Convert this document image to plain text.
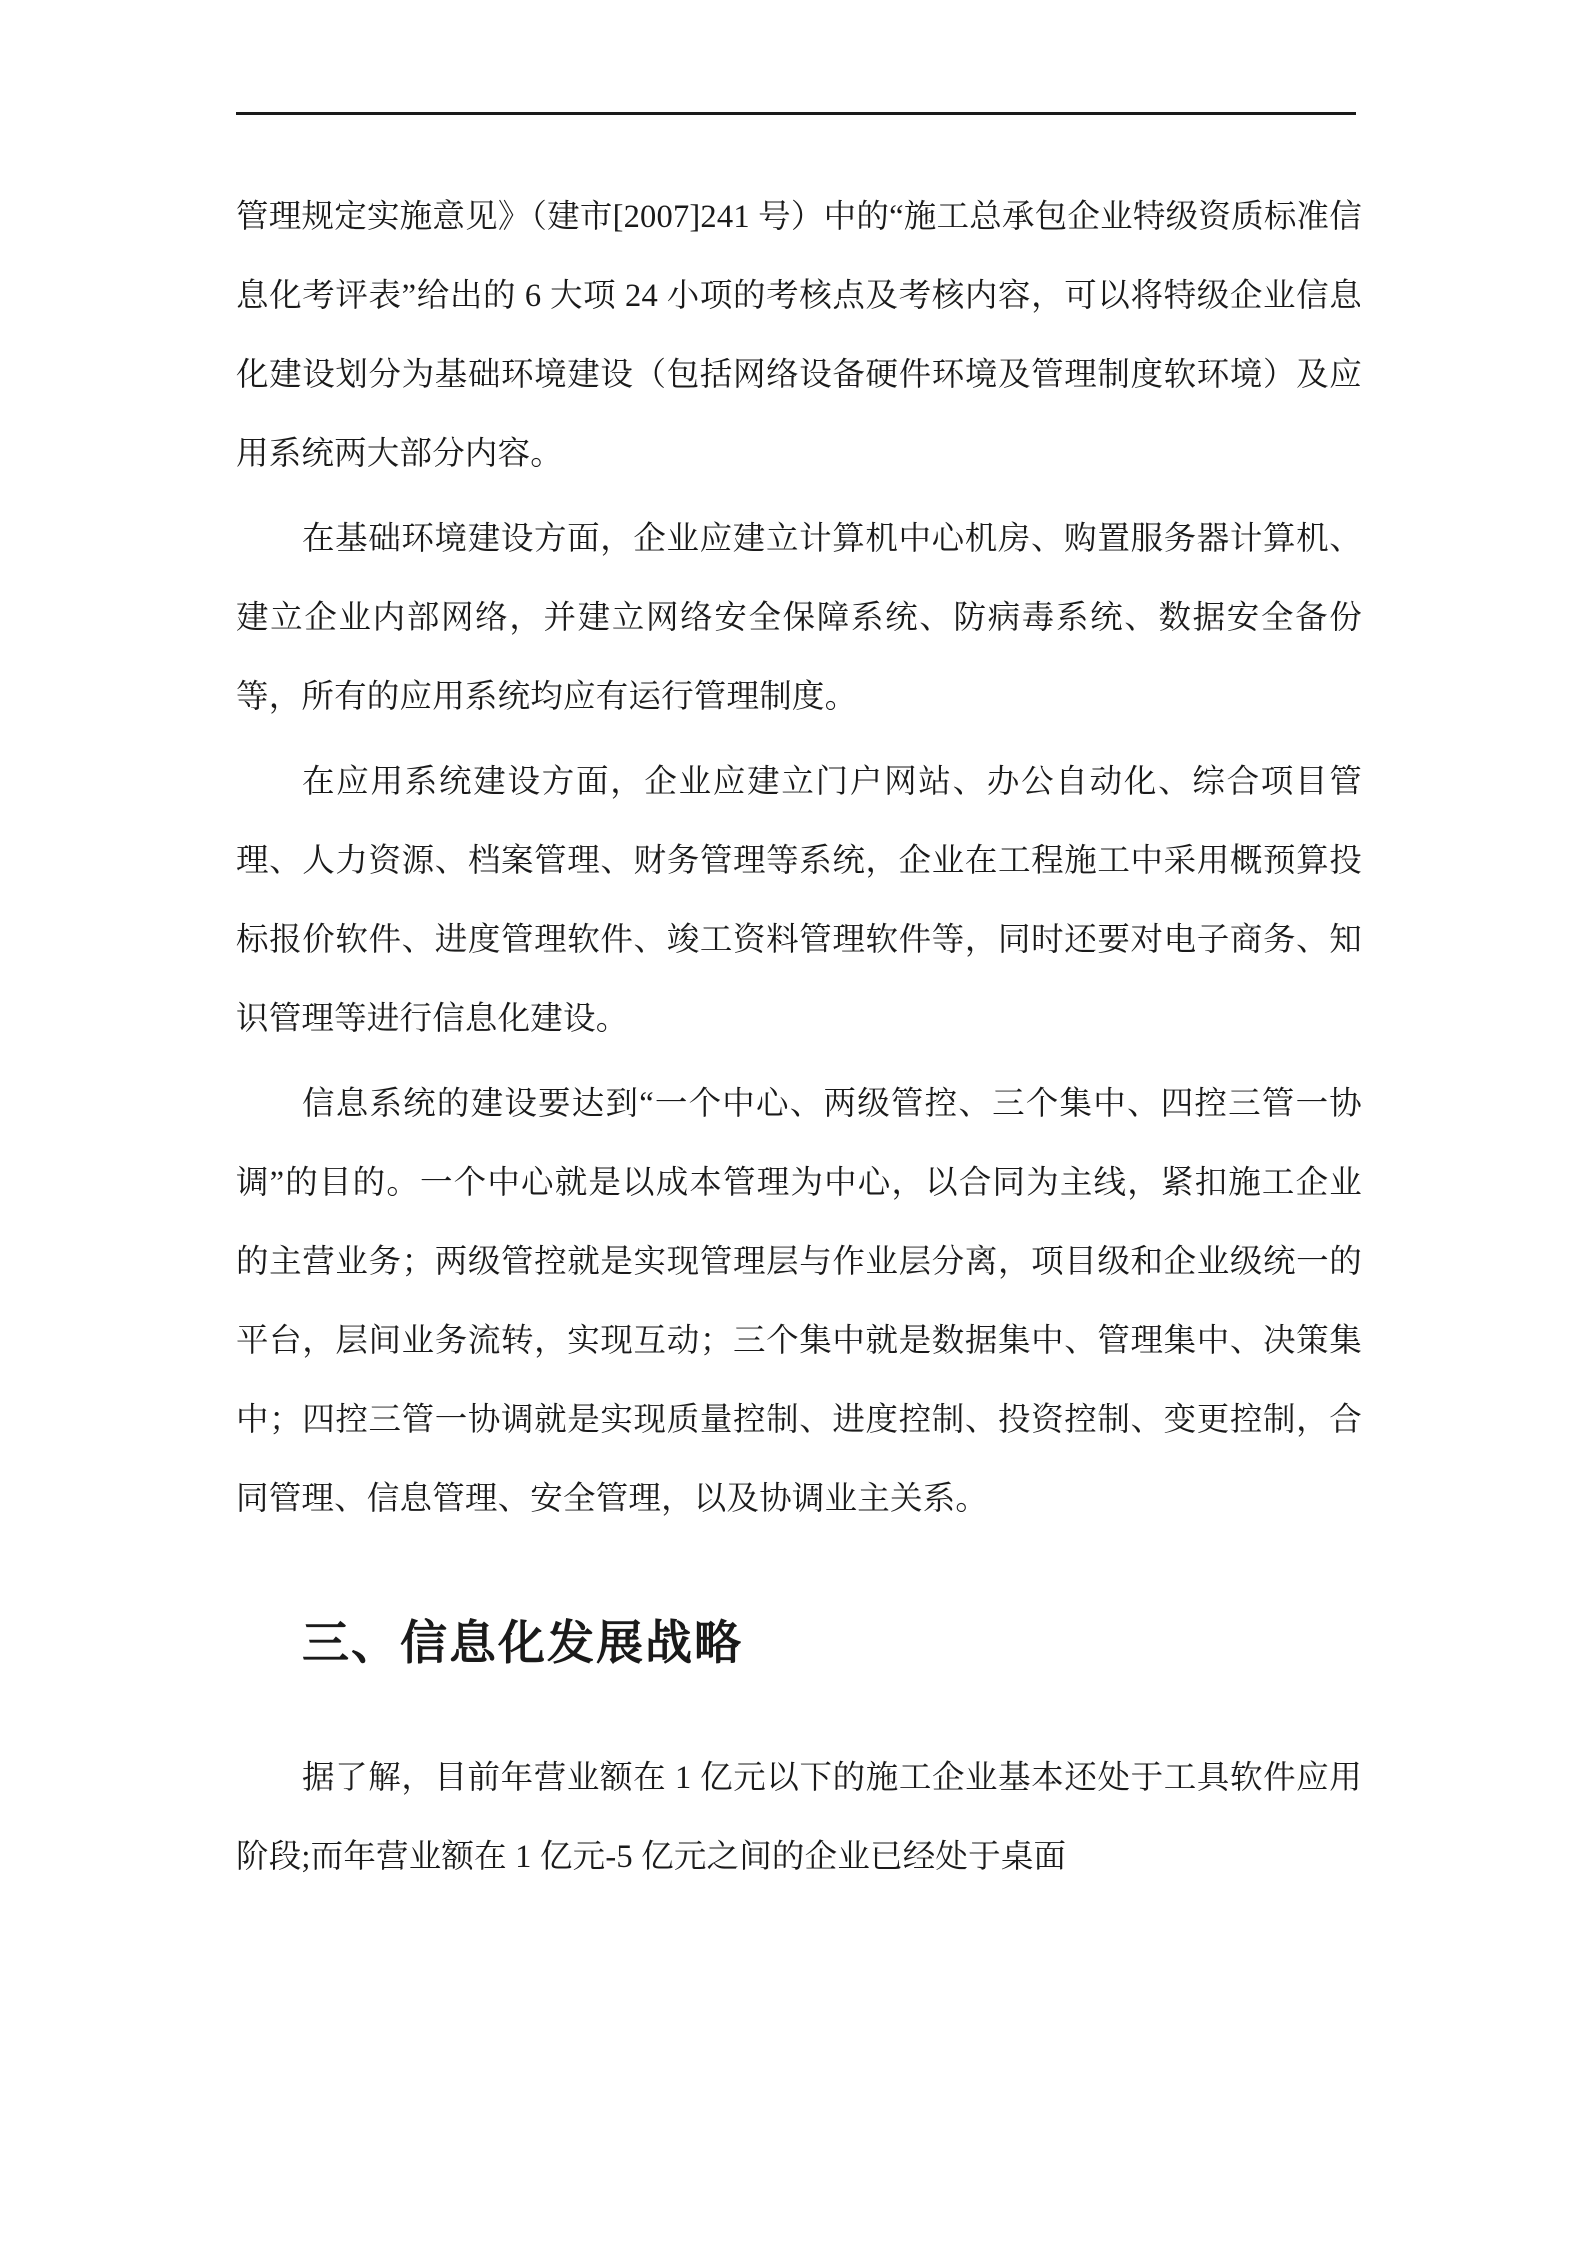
管理规定实施意见》（建市[2007]241 号）中的“施工总承包企业特级资质标准信息化考评表”给出的 6 大项 24 小项的考核点及考核内容，可以将特级企业信息化建设划分为基础环境建设（包括网络设备硬件环境及管理制度软环境）及应用系统两大部分内容。

在基础环境建设方面，企业应建立计算机中心机房、购置服务器计算机、建立企业内部网络，并建立网络安全保障系统、防病毒系统、数据安全备份等，所有的应用系统均应有运行管理制度。

在应用系统建设方面，企业应建立门户网站、办公自动化、综合项目管理、人力资源、档案管理、财务管理等系统，企业在工程施工中采用概预算投标报价软件、进度管理软件、竣工资料管理软件等，同时还要对电子商务、知识管理等进行信息化建设。

信息系统的建设要达到“一个中心、两级管控、三个集中、四控三管一协调”的目的。一个中心就是以成本管理为中心，以合同为主线，紧扣施工企业的主营业务；两级管控就是实现管理层与作业层分离，项目级和企业级统一的平台，层间业务流转，实现互动；三个集中就是数据集中、管理集中、决策集中；四控三管一协调就是实现质量控制、进度控制、投资控制、变更控制，合同管理、信息管理、安全管理，以及协调业主关系。

三、信息化发展战略

据了解，目前年营业额在 1 亿元以下的施工企业基本还处于工具软件应用阶段;而年营业额在 1 亿元-5 亿元之间的企业已经处于桌面
